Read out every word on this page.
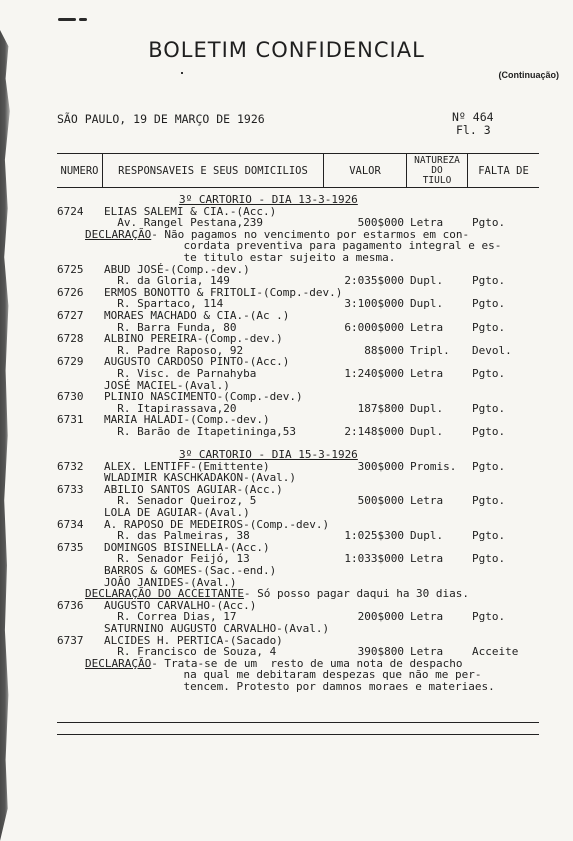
BOLETIM CONFIDENCIAL
(Continuação)
SÃO PAULO, 19 DE MARÇO DE 1926	Nº 464
Fl. 3
NUMERO	RESPONSAVEIS E SEUS DOMICILIOS	VALOR
NATUREZA
DO
TIULO
FALTA DE
3º CARTORIO - DIA 13-3-1926
6724 ELIAS SALEMI & CIA.-(Acc.)
Av. Rangel Pestana,239	500$000 Letra	Pgto.
DECLARAÇÃO - Não pagamos no vencimento por estarmos em con-
cordata preventiva para pagamento integral e es-
te titulo estar sujeito a mesma.
6725 ABUD JOSÉ-(Comp.-dev.)
R. da Gloria, 149	2:035$000 Dupl.	Pgto.
6726 ERMOS BONOTTO & FRITOLI-(Comp.-dev.)
R. Spartaco, 114	3:100$000 Dupl.	Pgto.
6727 MORAES MACHADO & CIA.-(Ac .)
R. Barra Funda, 80	6:000$000 Letra	Pgto.
6728 ALBINO PEREIRA-(Comp.-dev.)
R. Padre Raposo, 92	88$000 Tripl. Devol.
6729 AUGUSTO CARDOSO PINTO-(Acc.)
R. Visc. de Parnahyba	1:240$000 Letra	Pgto.
JOSÉ MACIEL-(Aval.)
6730 PLINIO NASCIMENTO-(Comp.-dev.)
R. Itapirassava,20	187$800 Dupl.	Pgto.
6731 MARIA HALADI-(Comp.-dev.)
R. Barão de Itapetininga,53	2:148$000 Dupl.	Pgto.
3º CARTORIO - DIA 15-3-1926
6732 ALEX. LENTIFF-(Emittente)	300$000 Promis. Pgto.
WLADIMIR KASCHKADAKON-(Aval.)
6733 ABILIO SANTOS AGUIAR-(Acc.)
R. Senador Queiroz, 5	500$000 Letra	Pgto.
LOLA DE AGUIAR-(Aval.)
6734 A. RAPOSO DE MEDEIROS-(Comp.-dev.)
R. das Palmeiras, 38	1:025$300 Dupl.	Pgto.
6735 DOMINGOS BISINELLA-(Acc.)
R. Senador Feijó, 13	1:033$000 Letra	Pgto.
BARROS & GOMES-(Sac.-end.)
JOÃO JANIDES-(Aval.)
DECLARAÇÃO DO ACCEITANTE - Só posso pagar daqui ha 30 dias.
6736 AUGUSTO CARVALHO-(Acc.)
R. Correa Dias, 17	200$000 Letra	Pgto.
SATURNINO AUGUSTO CARVALHO-(Aval.)
6737 ALCIDES H. PERTICA-(Sacado)
R. Francisco de Souza, 4	390$800 Letra	Acceite
DECLARAÇÃO - Trata-se de um  resto de uma nota de despacho
na qual me debitaram despezas que não me per-
tencem. Protesto por damnos moraes e materiaes.
